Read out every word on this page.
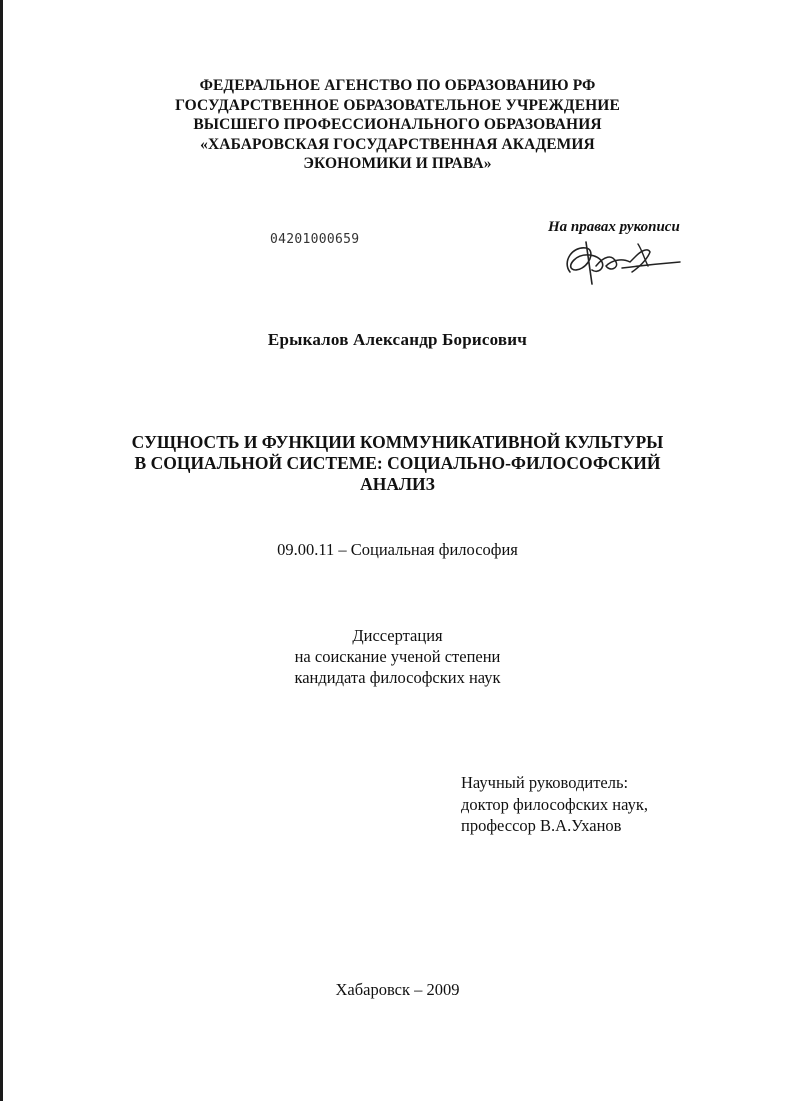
ФЕДЕРАЛЬНОЕ АГЕНСТВО ПО ОБРАЗОВАНИЮ РФ
ГОСУДАРСТВЕННОЕ ОБРАЗОВАТЕЛЬНОЕ УЧРЕЖДЕНИЕ
ВЫСШЕГО ПРОФЕССИОНАЛЬНОГО ОБРАЗОВАНИЯ
«ХАБАРОВСКАЯ ГОСУДАРСТВЕННАЯ АКАДЕМИЯ
ЭКОНОМИКИ И ПРАВА»
04201000659
На правах рукописи
Ерыкалов Александр Борисович
СУЩНОСТЬ И ФУНКЦИИ КОММУНИКАТИВНОЙ КУЛЬТУРЫ
В СОЦИАЛЬНОЙ СИСТЕМЕ: СОЦИАЛЬНО-ФИЛОСОФСКИЙ
АНАЛИЗ
09.00.11 – Социальная философия
Диссертация
на соискание ученой степени
кандидата философских наук
Научный руководитель:
доктор философских наук,
профессор В.А.Уханов
Хабаровск – 2009
